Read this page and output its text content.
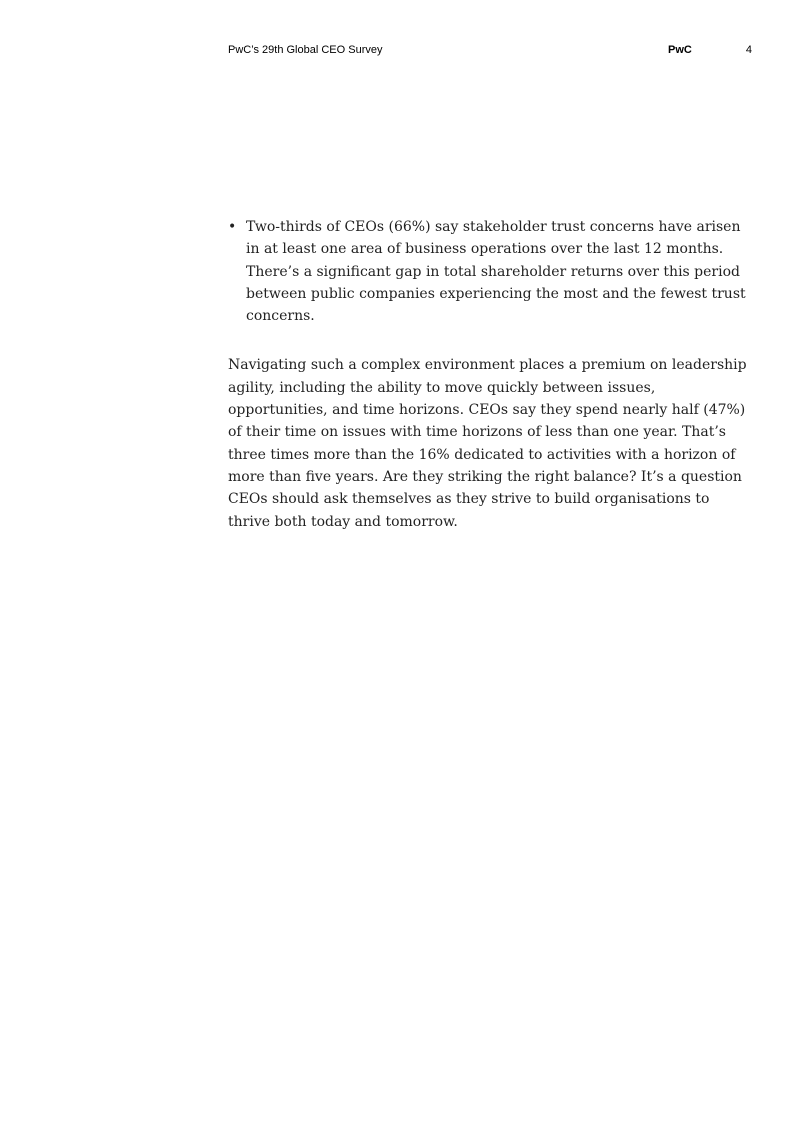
PwC’s 29th Global CEO Survey	PwC	4
• Two-thirds of CEOs (66%) say stakeholder trust concerns have arisen in at least one area of business operations over the last 12 months. There’s a significant gap in total shareholder returns over this period between public companies experiencing the most and the fewest trust concerns.

Navigating such a complex environment places a premium on leadership agility, including the ability to move quickly between issues, opportunities, and time horizons. CEOs say they spend nearly half (47%) of their time on issues with time horizons of less than one year. That’s three times more than the 16% dedicated to activities with a horizon of more than five years. Are they striking the right balance? It’s a question CEOs should ask themselves as they strive to build organisations to thrive both today and tomorrow.
